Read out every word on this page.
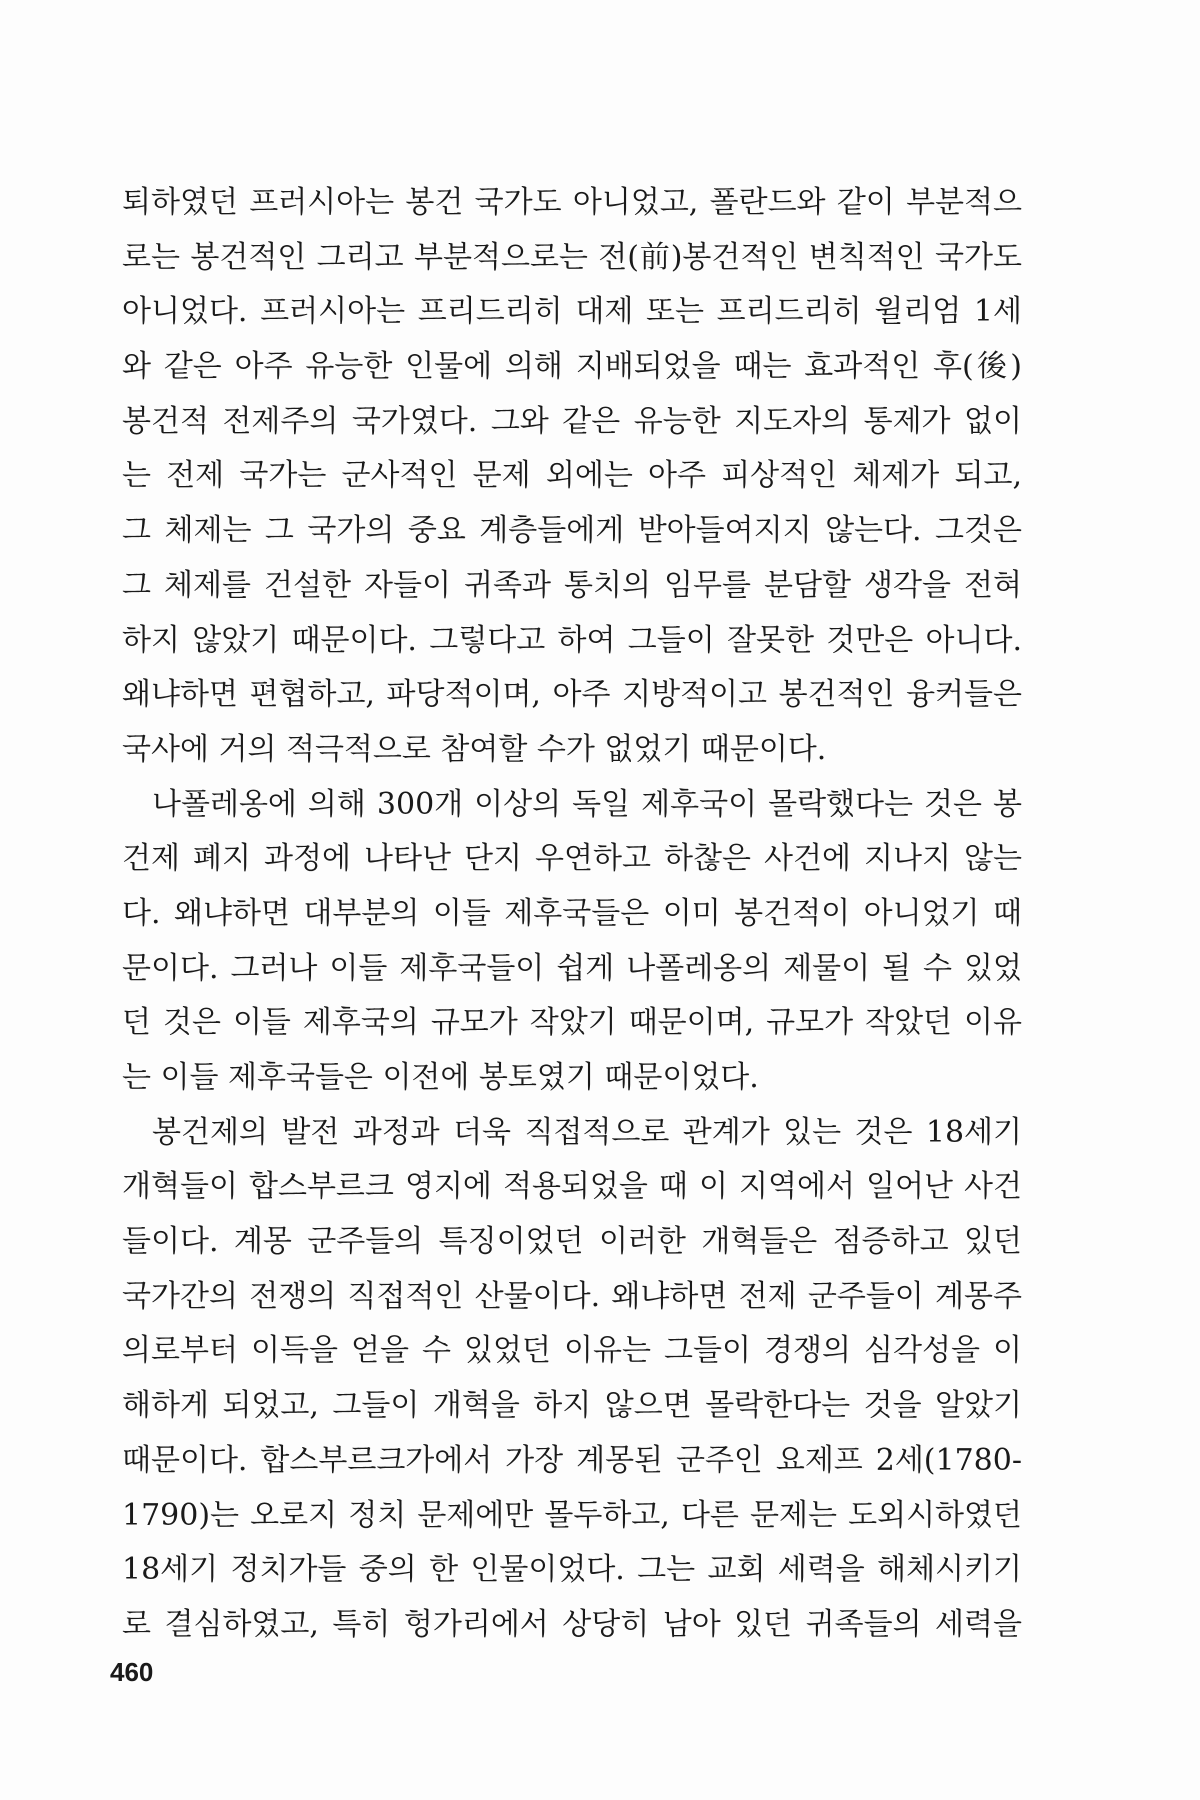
퇴하였던 프러시아는 봉건 국가도 아니었고, 폴란드와 같이 부분적으
로는 봉건적인 그리고 부분적으로는 전(前)봉건적인 변칙적인 국가도
아니었다. 프러시아는 프리드리히 대제 또는 프리드리히 윌리엄 1세
와 같은 아주 유능한 인물에 의해 지배되었을 때는 효과적인 후(後)
봉건적 전제주의 국가였다. 그와 같은 유능한 지도자의 통제가 없이
는 전제 국가는 군사적인 문제 외에는 아주 피상적인 체제가 되고,
그 체제는 그 국가의 중요 계층들에게 받아들여지지 않는다. 그것은
그 체제를 건설한 자들이 귀족과 통치의 임무를 분담할 생각을 전혀
하지 않았기 때문이다. 그렇다고 하여 그들이 잘못한 것만은 아니다.
왜냐하면 편협하고, 파당적이며, 아주 지방적이고 봉건적인 융커들은
국사에 거의 적극적으로 참여할 수가 없었기 때문이다.
나폴레옹에 의해 300개 이상의 독일 제후국이 몰락했다는 것은 봉
건제 폐지 과정에 나타난 단지 우연하고 하찮은 사건에 지나지 않는
다. 왜냐하면 대부분의 이들 제후국들은 이미 봉건적이 아니었기 때
문이다. 그러나 이들 제후국들이 쉽게 나폴레옹의 제물이 될 수 있었
던 것은 이들 제후국의 규모가 작았기 때문이며, 규모가 작았던 이유
는 이들 제후국들은 이전에 봉토였기 때문이었다.
봉건제의 발전 과정과 더욱 직접적으로 관계가 있는 것은 18세기
개혁들이 합스부르크 영지에 적용되었을 때 이 지역에서 일어난 사건
들이다. 계몽 군주들의 특징이었던 이러한 개혁들은 점증하고 있던
국가간의 전쟁의 직접적인 산물이다. 왜냐하면 전제 군주들이 계몽주
의로부터 이득을 얻을 수 있었던 이유는 그들이 경쟁의 심각성을 이
해하게 되었고, 그들이 개혁을 하지 않으면 몰락한다는 것을 알았기
때문이다. 합스부르크가에서 가장 계몽된 군주인 요제프 2세(1780-
1790)는 오로지 정치 문제에만 몰두하고, 다른 문제는 도외시하였던
18세기 정치가들 중의 한 인물이었다. 그는 교회 세력을 해체시키기
로 결심하였고, 특히 헝가리에서 상당히 남아 있던 귀족들의 세력을
460
